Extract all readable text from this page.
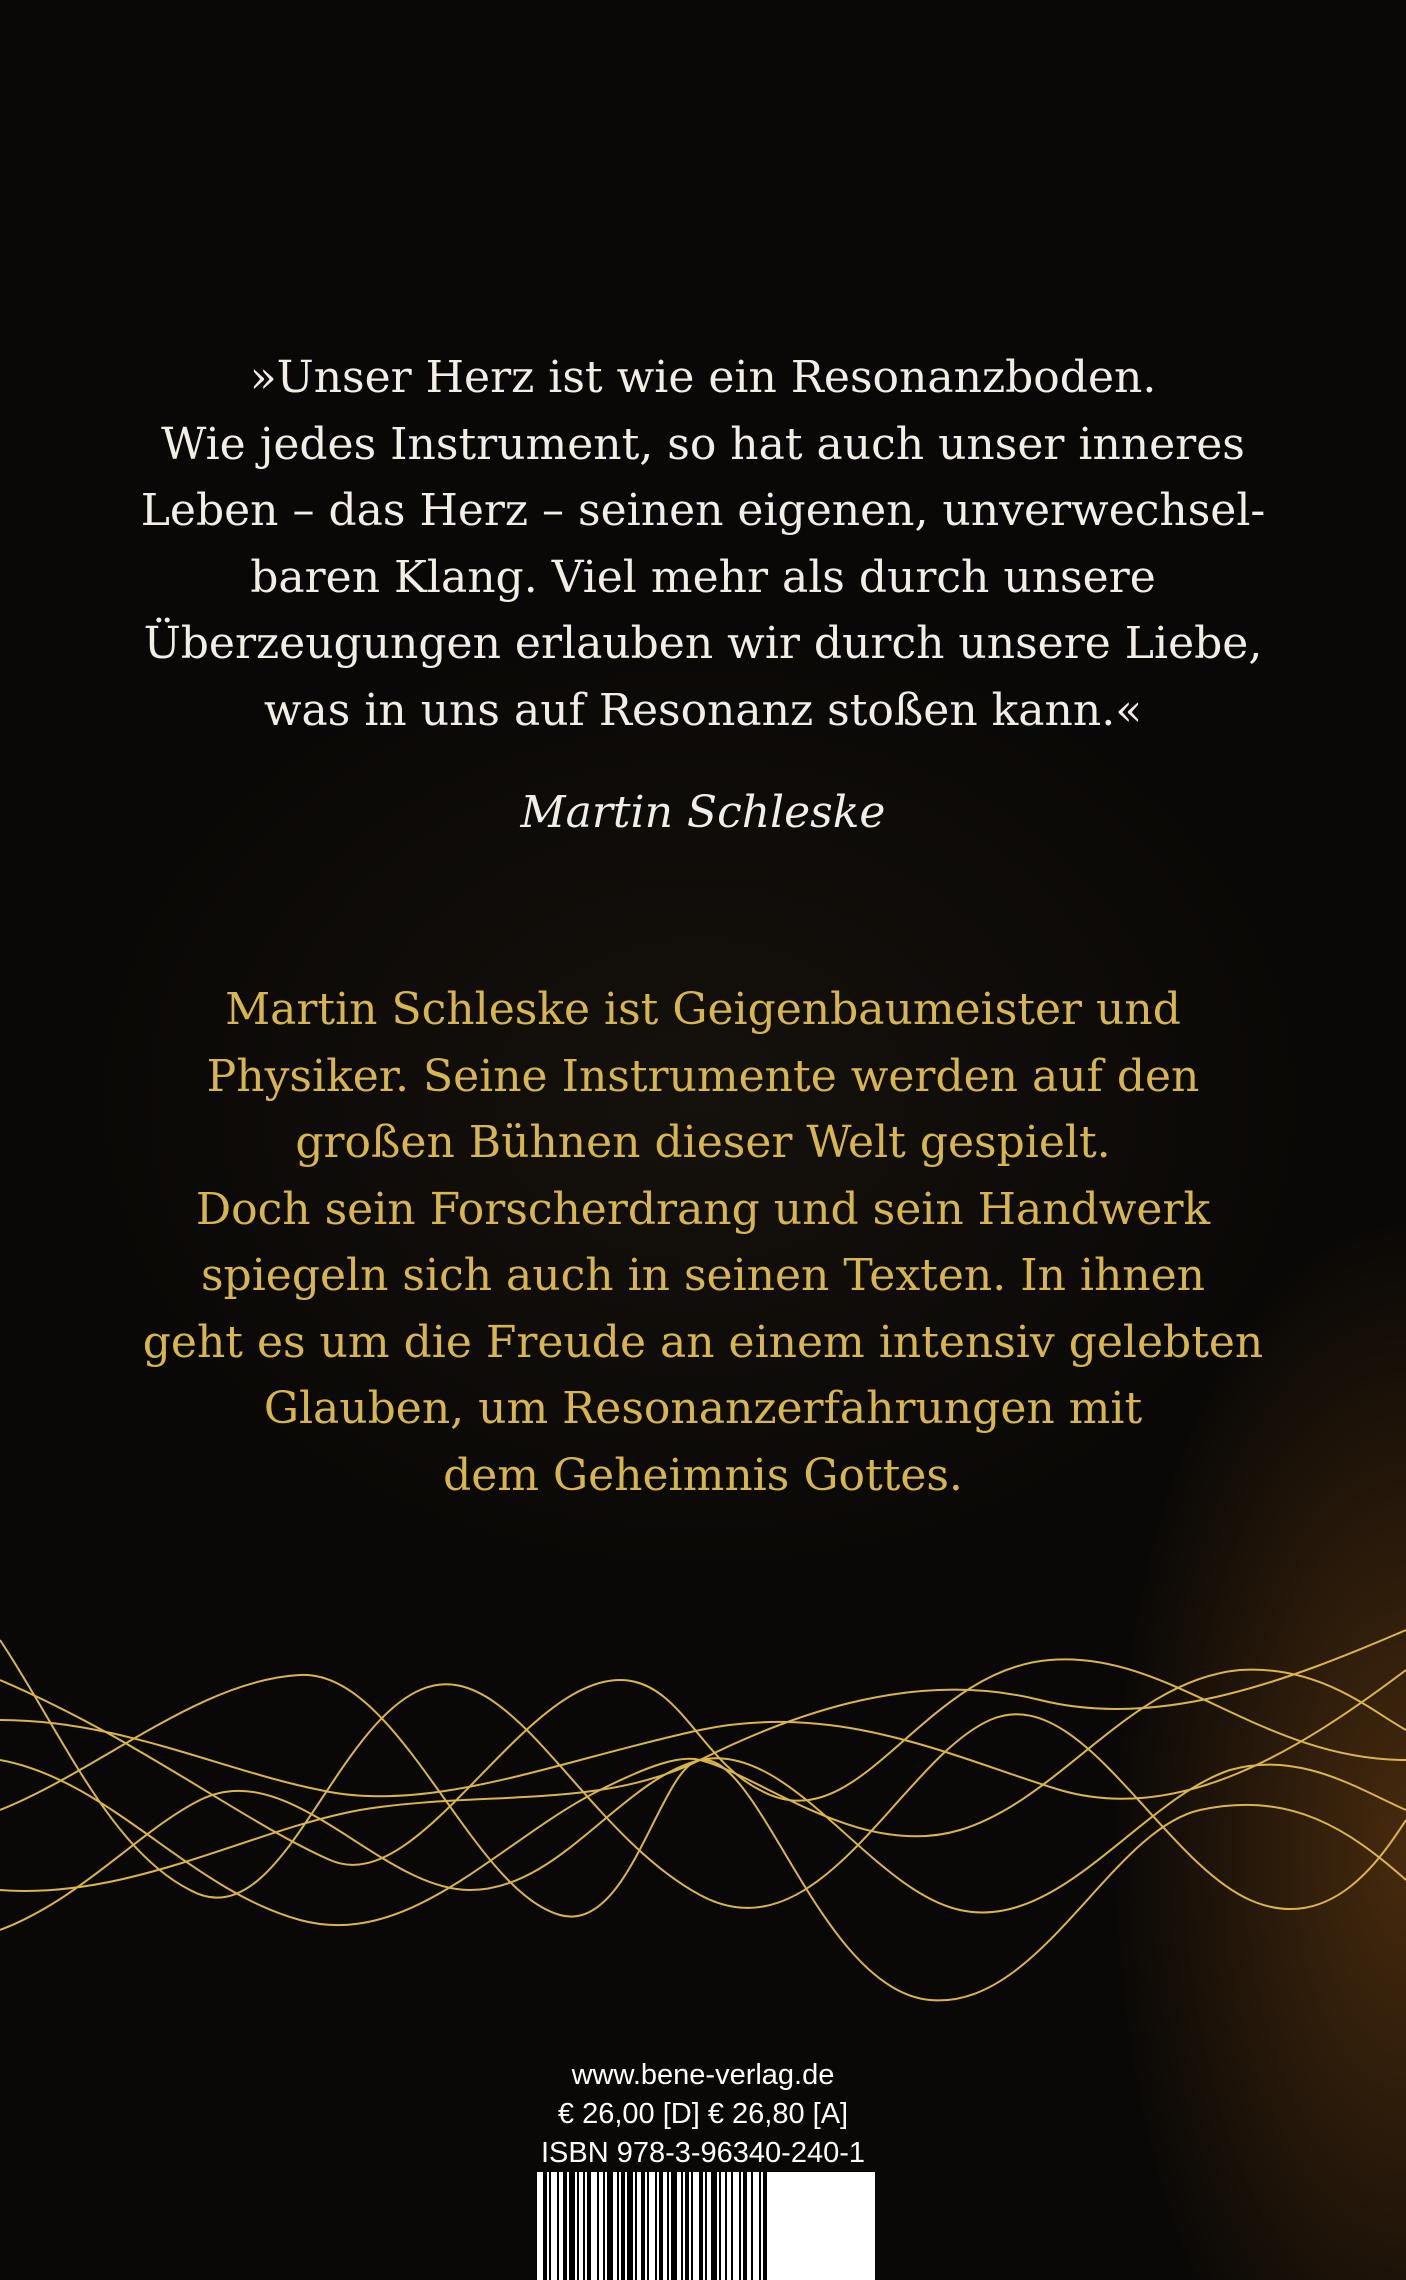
»Unser Herz ist wie ein Resonanzboden.
Wie jedes Instrument, so hat auch unser inneres
Leben – das Herz – seinen eigenen, unverwechsel-
baren Klang. Viel mehr als durch unsere
Überzeugungen erlauben wir durch unsere Liebe,
was in uns auf Resonanz stoßen kann.«

Martin Schleske

Martin Schleske ist Geigenbaumeister und
Physiker. Seine Instrumente werden auf den
großen Bühnen dieser Welt gespielt.
Doch sein Forscherdrang und sein Handwerk
spiegeln sich auch in seinen Texten. In ihnen
geht es um die Freude an einem intensiv gelebten
Glauben, um Resonanzerfahrungen mit
dem Geheimnis Gottes.

www.bene-verlag.de
€ 26,00 [D] € 26,80 [A]
ISBN 978-3-96340-240-1
